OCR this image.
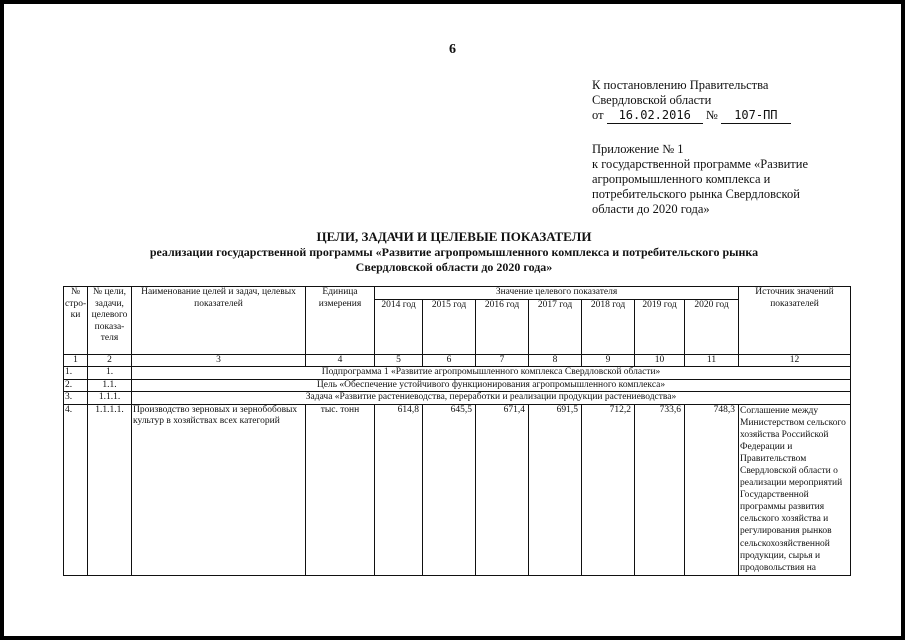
6
К постановлению Правительства
Свердловской области
от 16.02.2016 № 107-ПП
Приложение № 1
к государственной программе «Развитие
агропромышленного комплекса и
потребительского рынка Свердловской
области до 2020 года»
ЦЕЛИ, ЗАДАЧИ И ЦЕЛЕВЫЕ ПОКАЗАТЕЛИ
реализации государственной программы «Развитие агропромышленного комплекса и потребительского рынка
Свердловской области до 2020 года»
№ стро-ки	№ цели, задачи, целевого показа-теля	Наименование целей и задач, целевых показателей	Единица измерения	Значение целевого показателя							Источник значений показателей
				2014 год	2015 год	2016 год	2017 год	2018 год	2019 год	2020 год	
1	2	3	4	5	6	7	8	9	10	11	12
1.	1.	Подпрограмма 1 «Развитие агропромышленного комплекса Свердловской области»									
2.	1.1.	Цель «Обеспечение устойчивого функционирования агропромышленного комплекса»									
3.	1.1.1.	Задача «Развитие растениеводства, переработки и реализации продукции растениеводства»									
4.	1.1.1.1.	Производство зерновых и зернобобовых культур в хозяйствах всех категорий	тыс. тонн	614,8	645,5	671,4	691,5	712,2	733,6	748,3	Соглашение между Министерством сельского хозяйства Российской Федерации и Правительством Свердловской области о реализации мероприятий Государственной программы развития сельского хозяйства и регулирования рынков сельскохозяйственной продукции, сырья и продовольствия на
